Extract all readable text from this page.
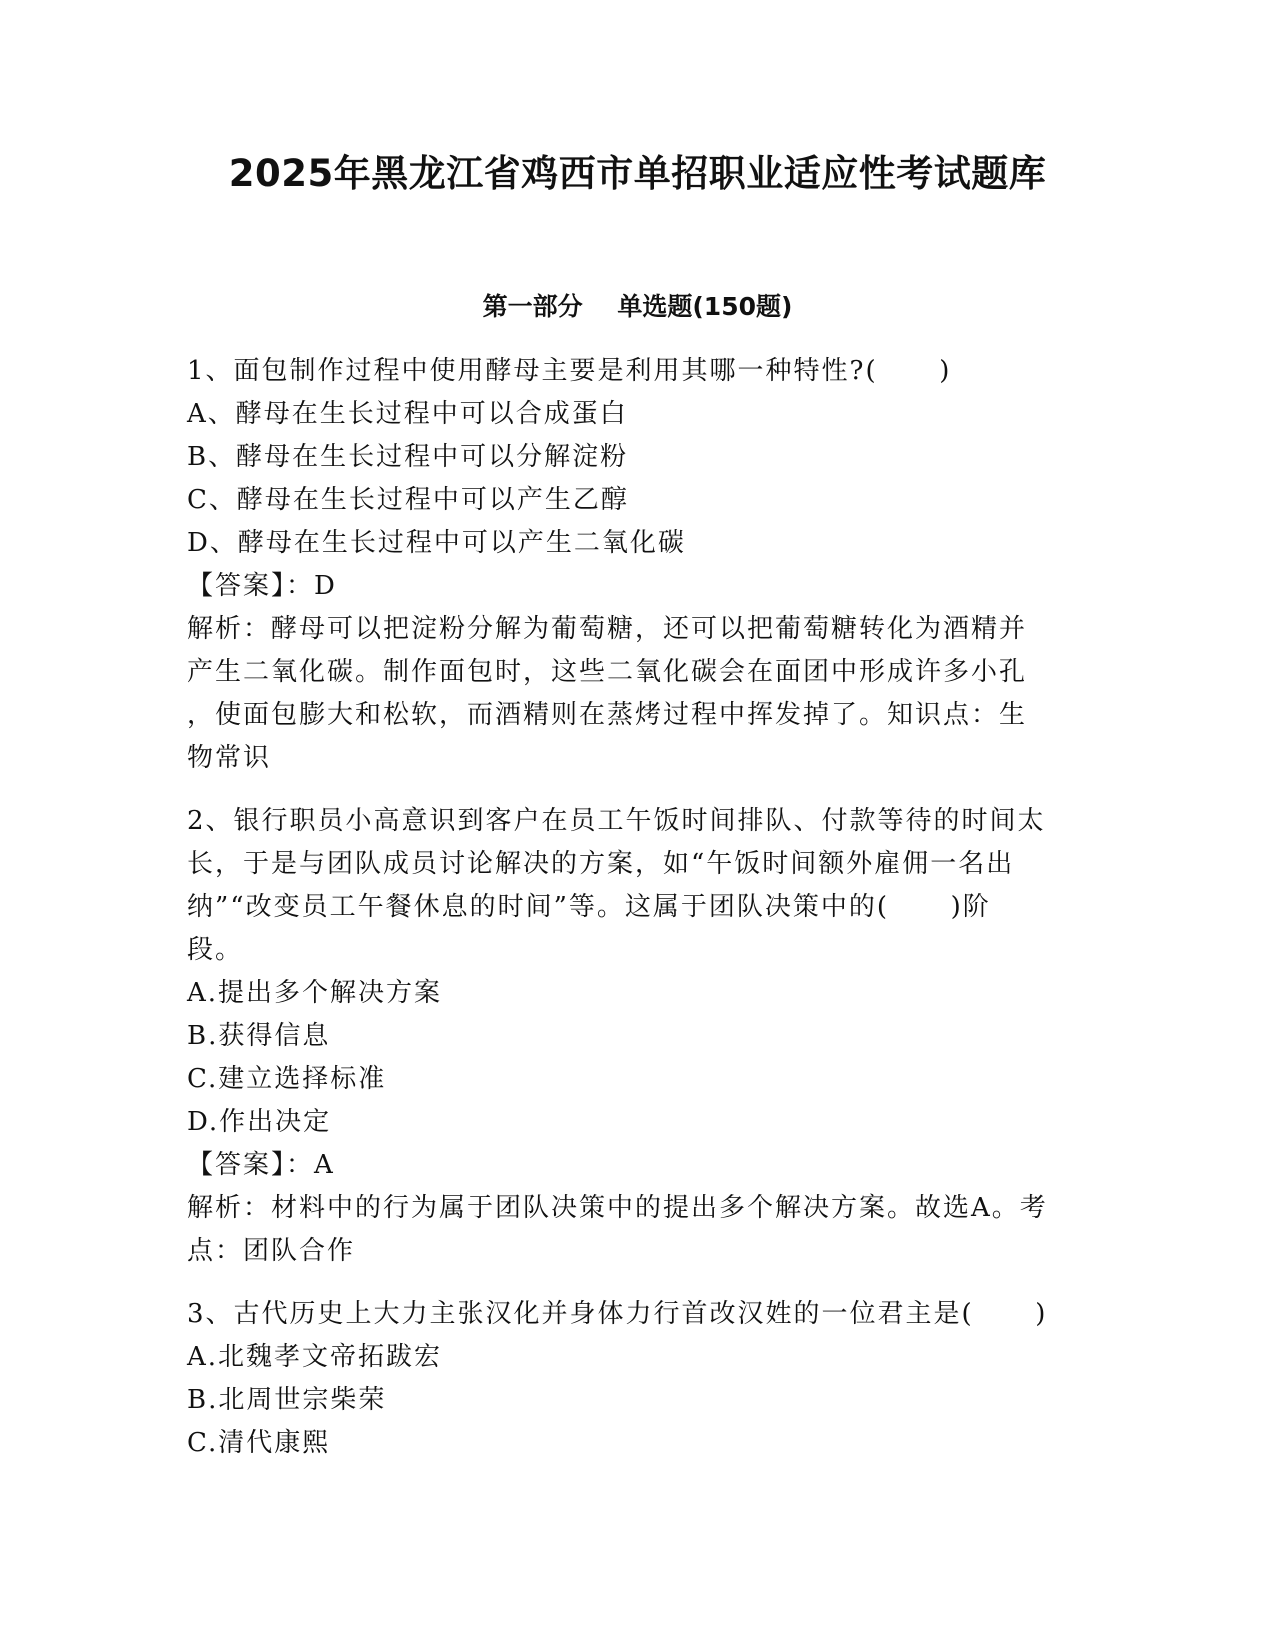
2025年黑龙江省鸡西市单招职业适应性考试题库
第一部分    单选题(150题)
1、面包制作过程中使用酵母主要是利用其哪一种特性?(      )
A、酵母在生长过程中可以合成蛋白
B、酵母在生长过程中可以分解淀粉
C、酵母在生长过程中可以产生乙醇
D、酵母在生长过程中可以产生二氧化碳
【答案】：D
解析：酵母可以把淀粉分解为葡萄糖，还可以把葡萄糖转化为酒精并
产生二氧化碳。制作面包时，这些二氧化碳会在面团中形成许多小孔
，使面包膨大和松软，而酒精则在蒸烤过程中挥发掉了。知识点：生
物常识
2、银行职员小高意识到客户在员工午饭时间排队、付款等待的时间太
长，于是与团队成员讨论解决的方案，如“午饭时间额外雇佣一名出
纳”“改变员工午餐休息的时间”等。这属于团队决策中的(      )阶
段。
A.提出多个解决方案
B.获得信息
C.建立选择标准
D.作出决定
【答案】：A
解析：材料中的行为属于团队决策中的提出多个解决方案。故选A。考
点：团队合作
3、古代历史上大力主张汉化并身体力行首改汉姓的一位君主是(      )
A.北魏孝文帝拓跋宏
B.北周世宗柴荣
C.清代康熙
